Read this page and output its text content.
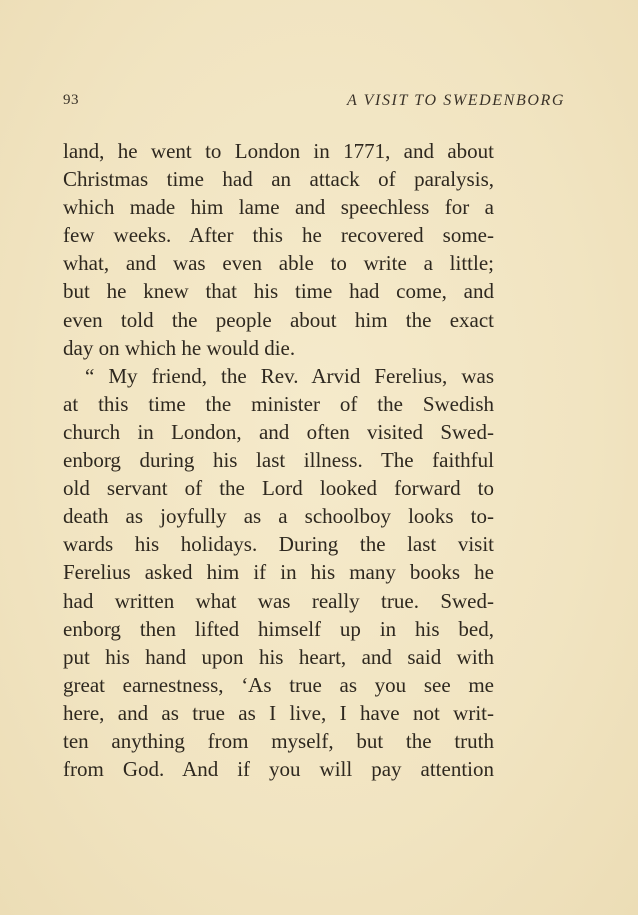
93	A VISIT TO SWEDENBORG
land, he went to London in 1771, and about
Christmas time had an attack of paralysis,
which made him lame and speechless for a
few weeks. After this he recovered some-
what, and was even able to write a little;
but he knew that his time had come, and
even told the people about him the exact
day on which he would die.
“ My friend, the Rev. Arvid Ferelius, was
at this time the minister of the Swedish
church in London, and often visited Swed-
enborg during his last illness. The faithful
old servant of the Lord looked forward to
death as joyfully as a schoolboy looks to-
wards his holidays. During the last visit
Ferelius asked him if in his many books he
had written what was really true. Swed-
enborg then lifted himself up in his bed,
put his hand upon his heart, and said with
great earnestness, ‘As true as you see me
here, and as true as I live, I have not writ-
ten anything from myself, but the truth
from God. And if you will pay attention
